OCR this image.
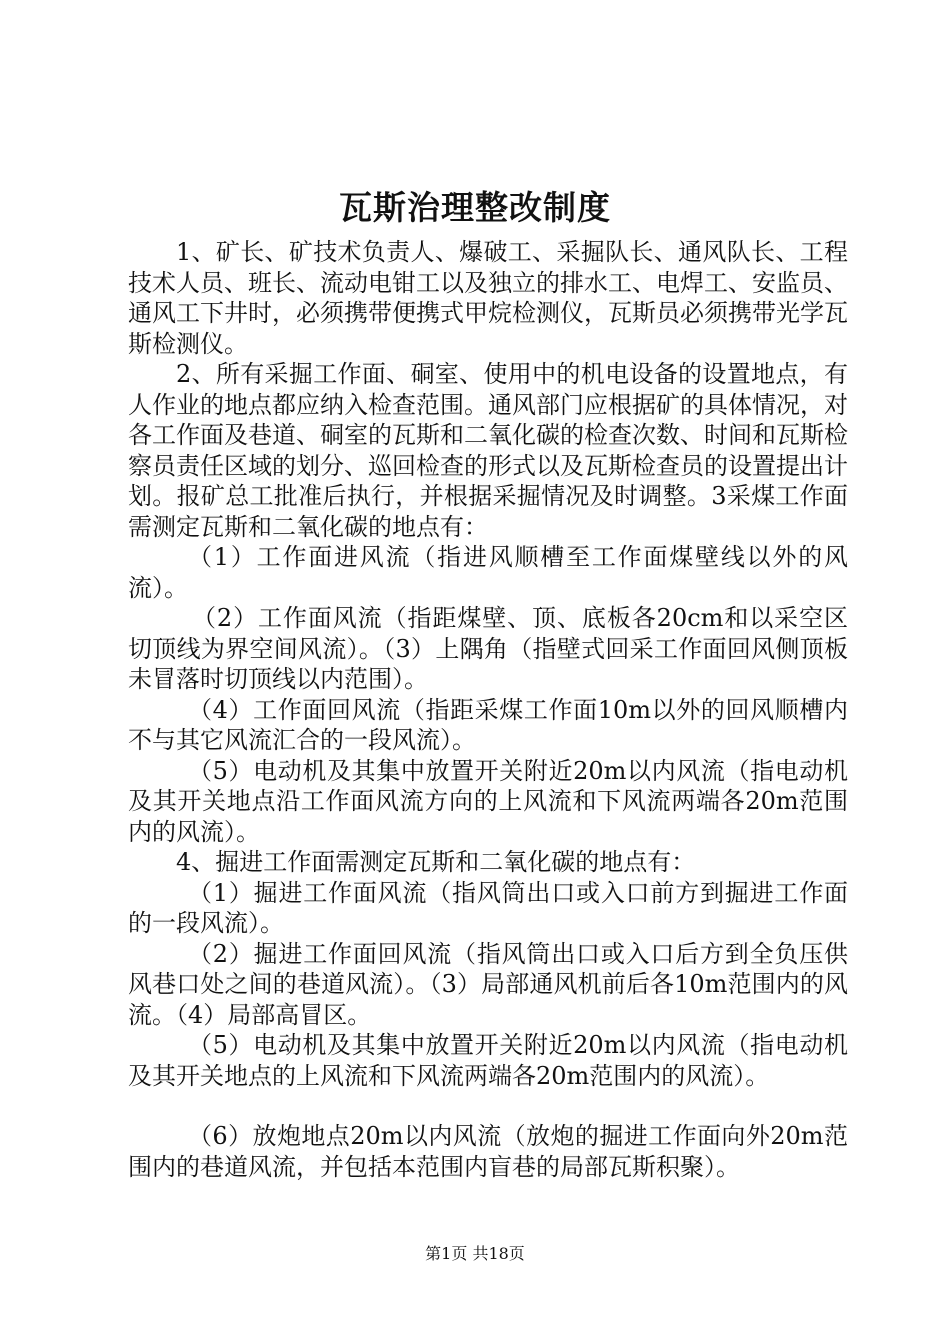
瓦斯治理整改制度

1、矿长、矿技术负责人、爆破工、采掘队长、通风队长、工程技术人员、班长、流动电钳工以及独立的排水工、电焊工、安监员、通风工下井时，必须携带便携式甲烷检测仪，瓦斯员必须携带光学瓦斯检测仪。

2、所有采掘工作面、硐室、使用中的机电设备的设置地点，有人作业的地点都应纳入检查范围。通风部门应根据矿的具体情况，对各工作面及巷道、硐室的瓦斯和二氧化碳的检查次数、时间和瓦斯检察员责任区域的划分、巡回检查的形式以及瓦斯检查员的设置提出计划。报矿总工批准后执行，并根据采掘情况及时调整。3采煤工作面需测定瓦斯和二氧化碳的地点有：

（1）工作面进风流（指进风顺槽至工作面煤壁线以外的风流）。

（2）工作面风流（指距煤壁、顶、底板各20cm和以采空区切顶线为界空间风流）。（3）上隅角（指壁式回采工作面回风侧顶板未冒落时切顶线以内范围）。

（4）工作面回风流（指距采煤工作面10m以外的回风顺槽内不与其它风流汇合的一段风流）。

（5）电动机及其集中放置开关附近20m以内风流（指电动机及其开关地点沿工作面风流方向的上风流和下风流两端各20m范围内的风流）。

4、掘进工作面需测定瓦斯和二氧化碳的地点有：

（1）掘进工作面风流（指风筒出口或入口前方到掘进工作面的一段风流）。

（2）掘进工作面回风流（指风筒出口或入口后方到全负压供风巷口处之间的巷道风流）。（3）局部通风机前后各10m范围内的风流。（4）局部高冒区。

（5）电动机及其集中放置开关附近20m以内风流（指电动机及其开关地点的上风流和下风流两端各20m范围内的风流）。

（6）放炮地点20m以内风流（放炮的掘进工作面向外20m范围内的巷道风流，并包括本范围内盲巷的局部瓦斯积聚）。

第1页 共18页
